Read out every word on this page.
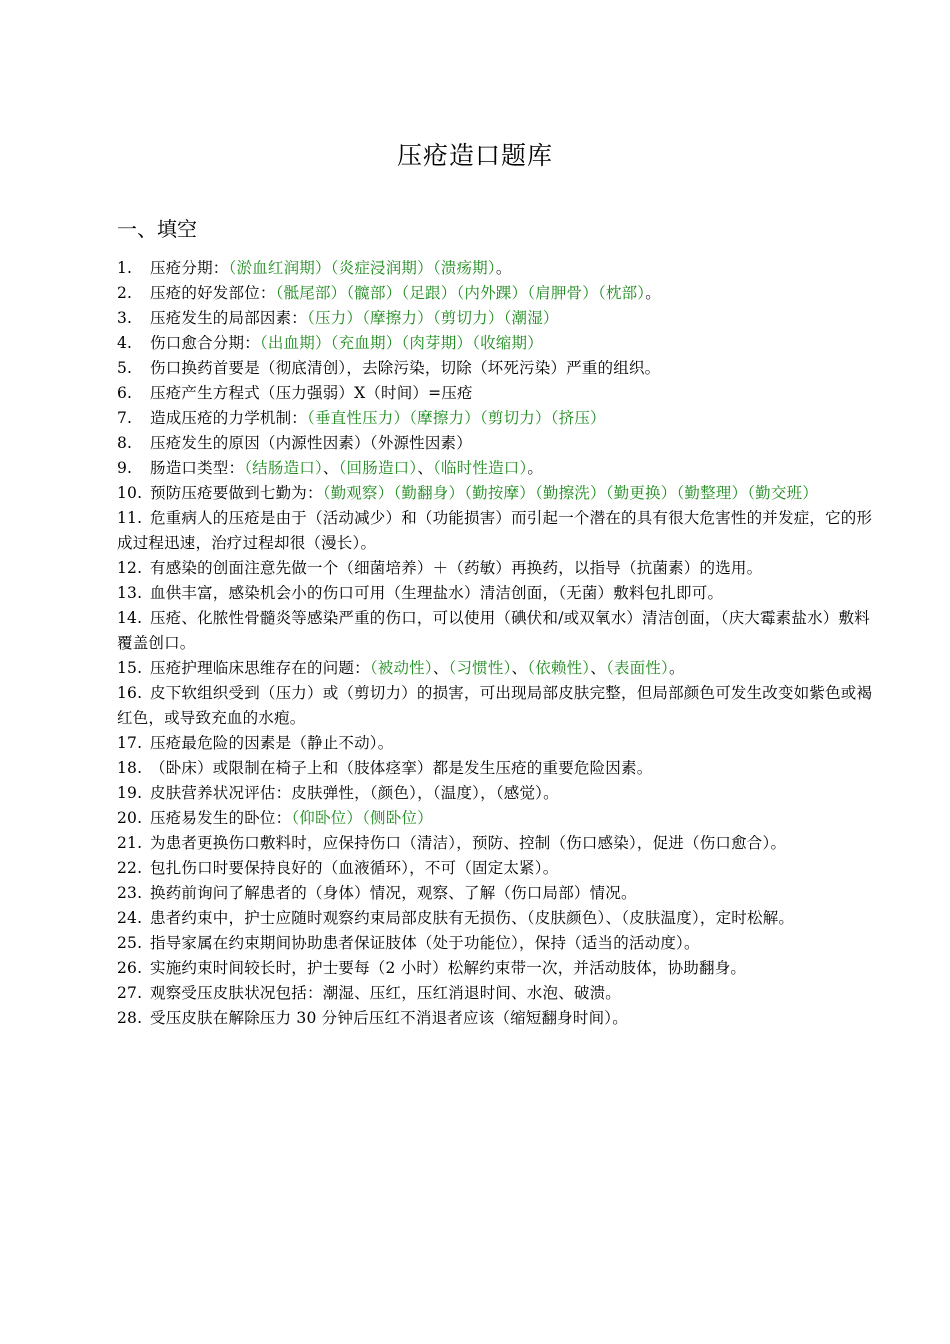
压疮造口题库
一、填空

1. 压疮分期：（淤血红润期）（炎症浸润期）（溃疡期）。

2. 压疮的好发部位：（骶尾部）（髋部）（足跟）（内外踝）（肩胛骨）（枕部）。

3. 压疮发生的局部因素：（压力）（摩擦力）（剪切力）（潮湿）

4. 伤口愈合分期：（出血期）（充血期）（肉芽期）（收缩期）

5. 伤口换药首要是（彻底清创），去除污染，切除（坏死污染）严重的组织。

6. 压疮产生方程式（压力强弱）X（时间）=压疮

7. 造成压疮的力学机制：（垂直性压力）（摩擦力）（剪切力）（挤压）

8. 压疮发生的原因（内源性因素）（外源性因素）

9. 肠造口类型：（结肠造口）、（回肠造口）、（临时性造口）。

10. 预防压疮要做到七勤为：（勤观察）（勤翻身）（勤按摩）（勤擦洗）（勤更换）（勤整理）（勤交班）

11. 危重病人的压疮是由于（活动减少）和（功能损害）而引起一个潜在的具有很大危害性的并发症，它的形成过程迅速，治疗过程却很（漫长）。

12. 有感染的创面注意先做一个（细菌培养）＋（药敏）再换药，以指导（抗菌素）的选用。

13. 血供丰富，感染机会小的伤口可用（生理盐水）清洁创面，（无菌）敷料包扎即可。

14. 压疮、化脓性骨髓炎等感染严重的伤口，可以使用（碘伏和/或双氧水）清洁创面，（庆大霉素盐水）敷料覆盖创口。

15. 压疮护理临床思维存在的问题：（被动性）、（习惯性）、（依赖性）、（表面性）。

16. 皮下软组织受到（压力）或（剪切力）的损害，可出现局部皮肤完整，但局部颜色可发生改变如紫色或褐红色，或导致充血的水疱。

17. 压疮最危险的因素是（静止不动）。

18. （卧床）或限制在椅子上和（肢体痉挛）都是发生压疮的重要危险因素。

19. 皮肤营养状况评估：皮肤弹性，（颜色），（温度），（感觉）。

20. 压疮易发生的卧位：（仰卧位）（侧卧位）

21. 为患者更换伤口敷料时，应保持伤口（清洁），预防、控制（伤口感染），促进（伤口愈合）。

22. 包扎伤口时要保持良好的（血液循环），不可（固定太紧）。

23. 换药前询问了解患者的（身体）情况，观察、了解（伤口局部）情况。

24. 患者约束中，护士应随时观察约束局部皮肤有无损伤、（皮肤颜色）、（皮肤温度），定时松解。

25. 指导家属在约束期间协助患者保证肢体（处于功能位），保持（适当的活动度）。

26. 实施约束时间较长时，护士要每（2 小时）松解约束带一次，并活动肢体，协助翻身。

27. 观察受压皮肤状况包括：潮湿、压红，压红消退时间、水泡、破溃。

28. 受压皮肤在解除压力 30 分钟后压红不消退者应该（缩短翻身时间）。
